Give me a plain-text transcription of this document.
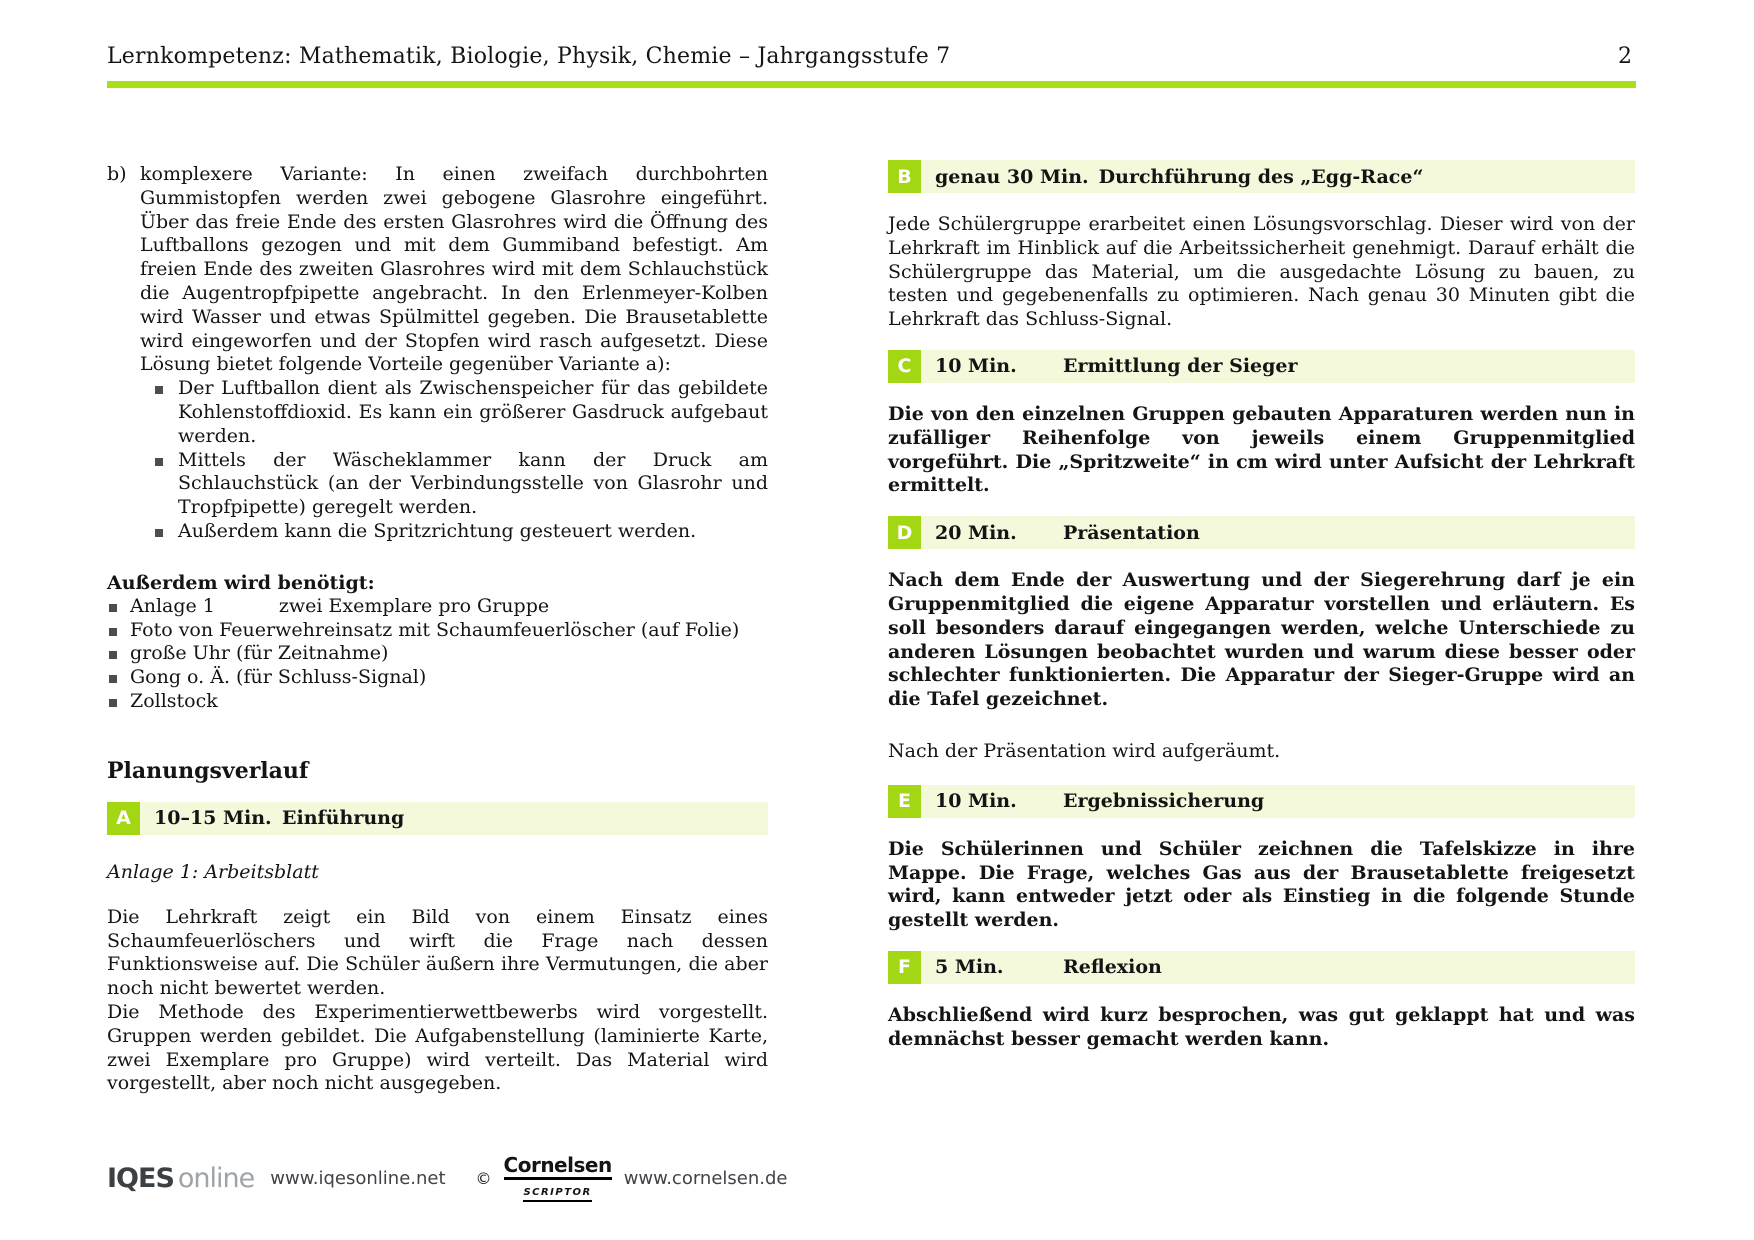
Lernkompetenz: Mathematik, Biologie, Physik, Chemie – Jahrgangsstufe 7	2
b) komplexere Variante: In einen zweifach durchbohrten Gummistopfen werden zwei gebogene Glasrohre eingeführt. Über das freie Ende des ersten Glasrohres wird die Öffnung des Luftballons gezogen und mit dem Gummiband befestigt. Am freien Ende des zweiten Glasrohres wird mit dem Schlauchstück die Augentropfpipette angebracht. In den Erlenmeyer-Kolben wird Wasser und etwas Spülmittel gegeben. Die Brausetablette wird eingeworfen und der Stopfen wird rasch aufgesetzt. Diese Lösung bietet folgende Vorteile gegenüber Variante a):
Der Luftballon dient als Zwischenspeicher für das gebildete Kohlenstoffdioxid. Es kann ein größerer Gasdruck aufgebaut werden.
Mittels der Wäscheklammer kann der Druck am Schlauchstück (an der Verbindungsstelle von Glasrohr und Tropfpipette) geregelt werden.
Außerdem kann die Spritzrichtung gesteuert werden.
Außerdem wird benötigt:
Anlage 1	zwei Exemplare pro Gruppe
Foto von Feuerwehreinsatz mit Schaumfeuerlöscher (auf Folie)
große Uhr (für Zeitnahme)
Gong o. Ä. (für Schluss-Signal)
Zollstock
Planungsverlauf
A	10–15 Min. Einführung
Anlage 1: Arbeitsblatt
Die Lehrkraft zeigt ein Bild von einem Einsatz eines Schaumfeuerlöschers und wirft die Frage nach dessen Funktionsweise auf. Die Schüler äußern ihre Vermutungen, die aber noch nicht bewertet werden.
Die Methode des Experimentierwettbewerbs wird vorgestellt. Gruppen werden gebildet. Die Aufgabenstellung (laminierte Karte, zwei Exemplare pro Gruppe) wird verteilt. Das Material wird vorgestellt, aber noch nicht ausgegeben.
B	genau 30 Min. Durchführung des „Egg-Race“
Jede Schülergruppe erarbeitet einen Lösungsvorschlag. Dieser wird von der Lehrkraft im Hinblick auf die Arbeitssicherheit genehmigt. Darauf erhält die Schülergruppe das Material, um die ausgedachte Lösung zu bauen, zu testen und gegebenenfalls zu optimieren. Nach genau 30 Minuten gibt die Lehrkraft das Schluss-Signal.
C	10 Min.	Ermittlung der Sieger
Die von den einzelnen Gruppen gebauten Apparaturen werden nun in zufälliger Reihenfolge von jeweils einem Gruppenmitglied vorgeführt. Die „Spritzweite“ in cm wird unter Aufsicht der Lehrkraft ermittelt.
D	20 Min.	Präsentation
Nach dem Ende der Auswertung und der Siegerehrung darf je ein Gruppenmitglied die eigene Apparatur vorstellen und erläutern. Es soll besonders darauf eingegangen werden, welche Unterschiede zu anderen Lösungen beobachtet wurden und warum diese besser oder schlechter funktionierten. Die Apparatur der Sieger-Gruppe wird an die Tafel gezeichnet.
Nach der Präsentation wird aufgeräumt.
E	10 Min.	Ergebnissicherung
Die Schülerinnen und Schüler zeichnen die Tafelskizze in ihre Mappe. Die Frage, welches Gas aus der Brausetablette freigesetzt wird, kann entweder jetzt oder als Einstieg in die folgende Stunde gestellt werden.
F	5 Min.	Reflexion
Abschließend wird kurz besprochen, was gut geklappt hat und was demnächst besser gemacht werden kann.
IQES online www.iqesonline.net ©
Cornelsen
SCRIPTOR
www.cornelsen.de
